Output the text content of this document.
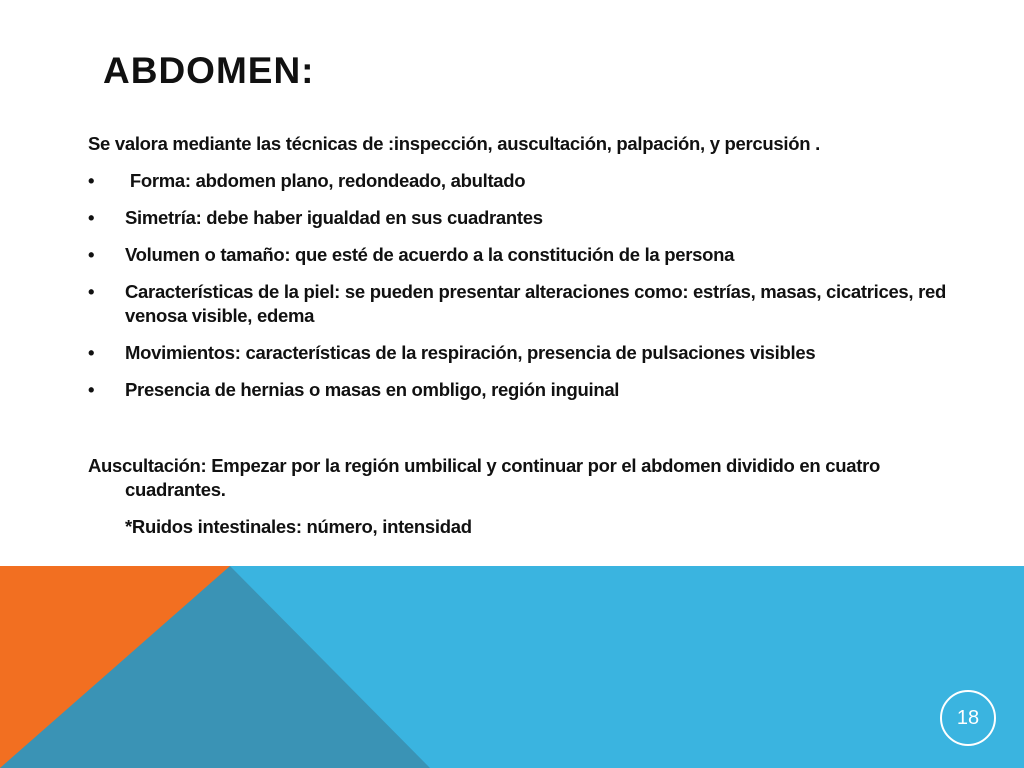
ABDOMEN:

Se valora mediante las técnicas de :inspección, auscultación, palpación, y percusión .

• Forma: abdomen plano, redondeado, abultado
• Simetría: debe haber igualdad en sus cuadrantes
• Volumen o tamaño: que esté de acuerdo a la constitución de la persona
• Características de la piel: se pueden presentar alteraciones como: estrías, masas, cicatrices, red venosa visible, edema
• Movimientos: características de la respiración, presencia de pulsaciones visibles
• Presencia de hernias o masas en ombligo, región inguinal

Auscultación: Empezar por la región umbilical y continuar por el abdomen dividido en cuatro cuadrantes.

*Ruidos intestinales: número, intensidad

18
